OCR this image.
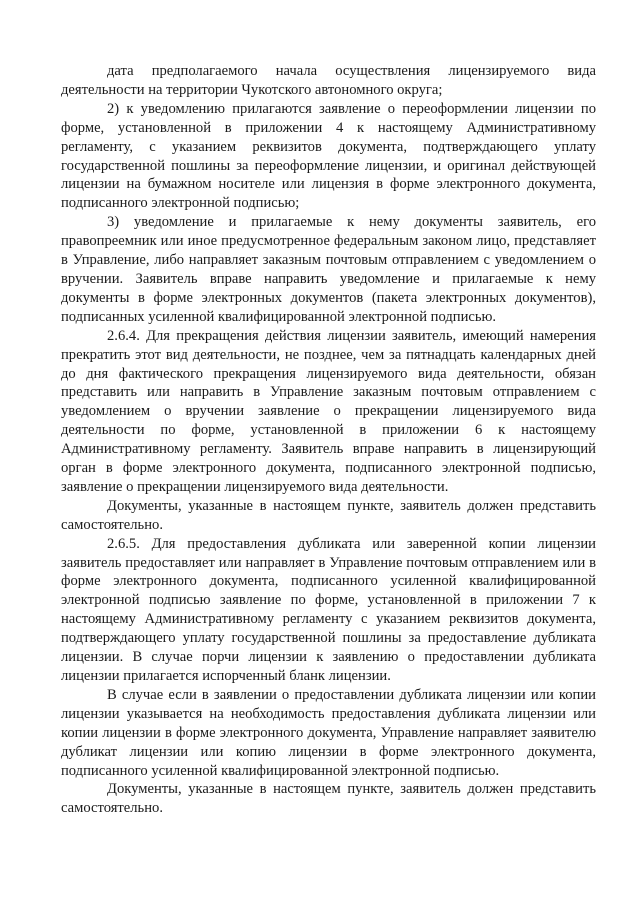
дата предполагаемого начала осуществления лицензируемого вида деятельности на территории Чукотского автономного округа;

2) к уведомлению прилагаются заявление о переоформлении лицензии по форме, установленной в приложении 4 к настоящему Административному регламенту, с указанием реквизитов документа, подтверждающего уплату государственной пошлины за переоформление лицензии, и оригинал действующей лицензии на бумажном носителе или лицензия в форме электронного документа, подписанного электронной подписью;

3) уведомление и прилагаемые к нему документы заявитель, его правопреемник или иное предусмотренное федеральным законом лицо, представляет в Управление, либо направляет заказным почтовым отправлением с уведомлением о вручении. Заявитель вправе направить уведомление и прилагаемые к нему документы в форме электронных документов (пакета электронных документов), подписанных усиленной квалифицированной электронной подписью.

2.6.4. Для прекращения действия лицензии заявитель, имеющий намерения прекратить этот вид деятельности, не позднее, чем за пятнадцать календарных дней до дня фактического прекращения лицензируемого вида деятельности, обязан представить или направить в Управление заказным почтовым отправлением с уведомлением о вручении заявление о прекращении лицензируемого вида деятельности по форме, установленной в приложении 6 к настоящему Административному регламенту. Заявитель вправе направить в лицензирующий орган в форме электронного документа, подписанного электронной подписью, заявление о прекращении лицензируемого вида деятельности.

Документы, указанные в настоящем пункте, заявитель должен представить самостоятельно.

2.6.5. Для предоставления дубликата или заверенной копии лицензии заявитель предоставляет или направляет в Управление почтовым отправлением или в форме электронного документа, подписанного усиленной квалифицированной электронной подписью заявление по форме, установленной в приложении 7 к настоящему Административному регламенту с указанием реквизитов документа, подтверждающего уплату государственной пошлины за предоставление дубликата лицензии. В случае порчи лицензии к заявлению о предоставлении дубликата лицензии прилагается испорченный бланк лицензии.

В случае если в заявлении о предоставлении дубликата лицензии или копии лицензии указывается на необходимость предоставления дубликата лицензии или копии лицензии в форме электронного документа, Управление направляет заявителю дубликат лицензии или копию лицензии в форме электронного документа, подписанного усиленной квалифицированной электронной подписью.

Документы, указанные в настоящем пункте, заявитель должен представить самостоятельно.
